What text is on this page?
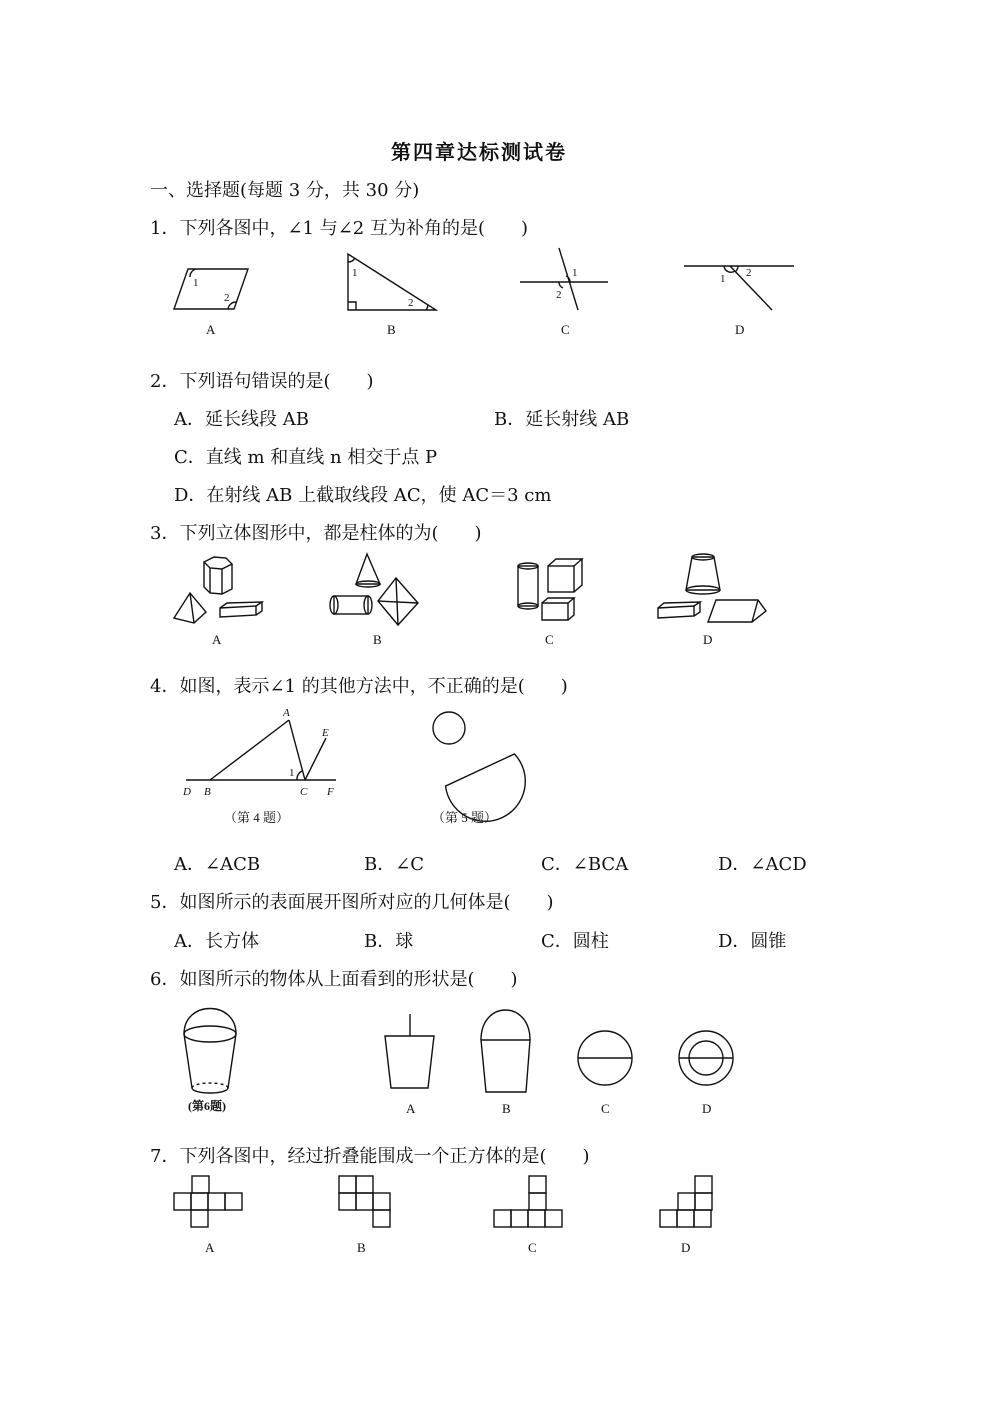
第四章达标测试卷
一、选择题(每题 3 分，共 30 分)
1．下列各图中，∠1 与∠2 互为补角的是(　　)
1
2
A
1
2
B
1
2
C
1 2
D
2．下列语句错误的是(　　)
A．延长线段 AB	B．延长射线 AB
C．直线 m 和直线 n 相交于点 P
D．在射线 AB 上截取线段 AC，使 AC＝3 cm
3．下列立体图形中，都是柱体的为(　　)
A	B	C	D
4．如图，表示∠1 的其他方法中，不正确的是(　　)
A
E
1
D B	C F
（第 4 题）	（第 5 题）
A．∠ACB	B．∠C	C．∠BCA	D．∠ACD
5．如图所示的表面展开图所对应的几何体是(　　)
A．长方体	B．球	C．圆柱	D．圆锥
6．如图所示的物体从上面看到的形状是(　　)
(第6题)	A	B	C	D
7．下列各图中，经过折叠能围成一个正方体的是(　　)
A	B	C	D
